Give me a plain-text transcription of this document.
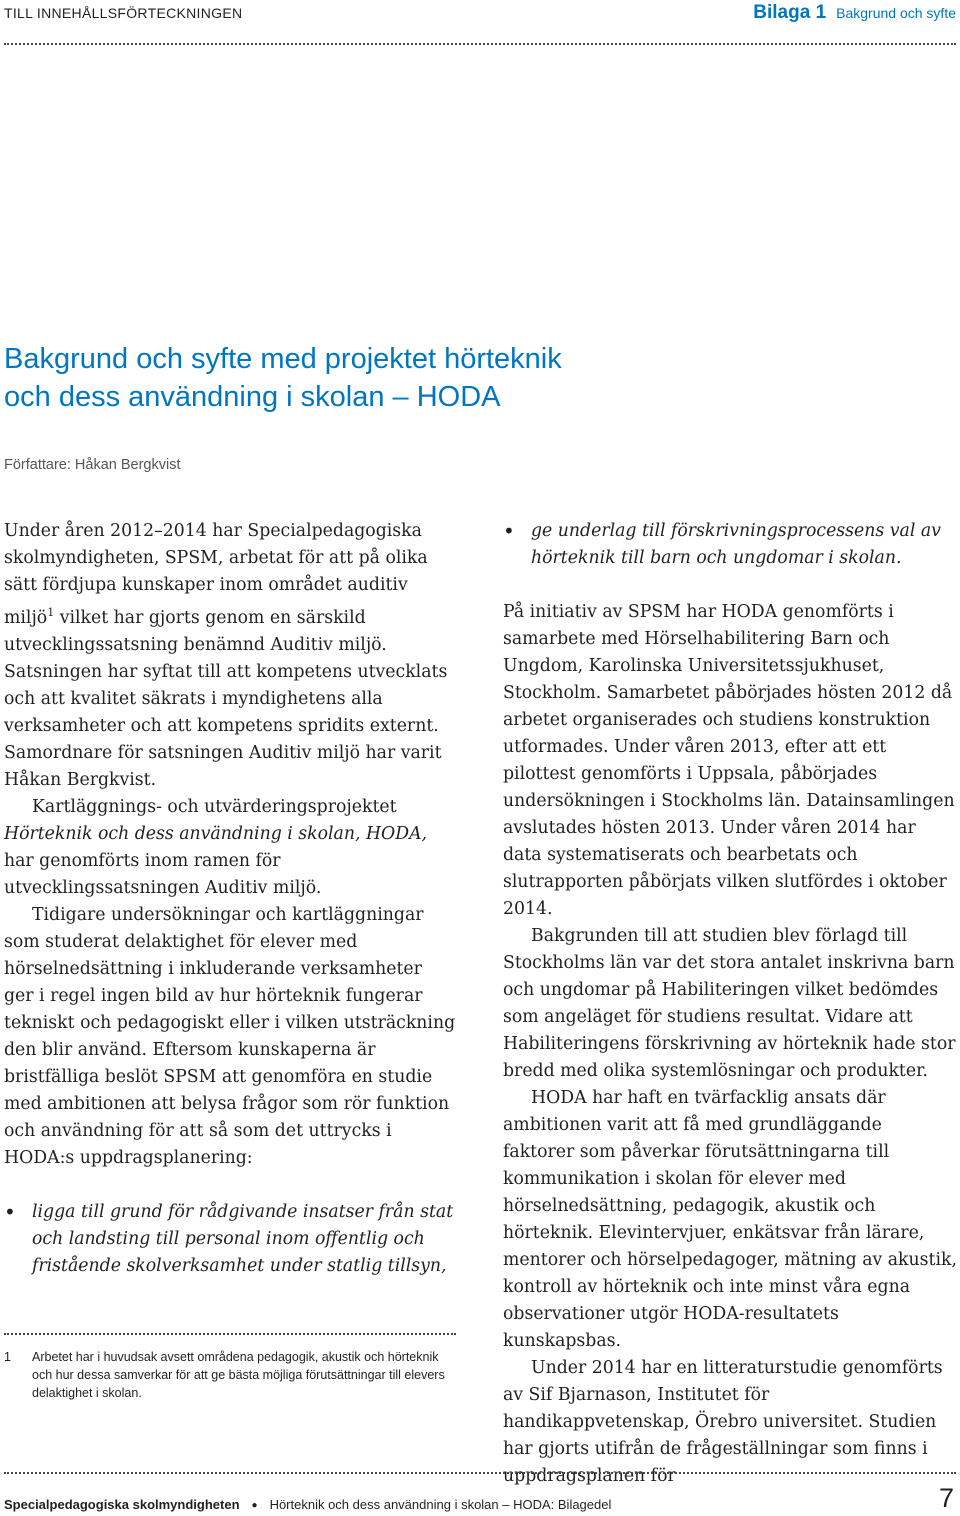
TILL INNEHÅLLSFÖRTECKNINGEN	Bilaga 1 Bakgrund och syfte
Bakgrund och syfte med projektet hörteknik
och dess användning i skolan – HODA
Författare: Håkan Bergkvist

Under åren 2012–2014 har Specialpedagogiska skolmyndigheten, SPSM, arbetat för att på olika sätt fördjupa kunskaper inom området auditiv miljö$^1$ vilket har gjorts genom en särskild utvecklingssatsning benämnd Auditiv miljö. Satsningen har syftat till att kompetens utvecklats och att kvalitet säkrats i myndighetens alla verksamheter och att kompetens spridits externt. Samordnare för satsningen Auditiv miljö har varit Håkan Bergkvist.

Kartläggnings- och utvärderingsprojektet Hörteknik och dess användning i skolan, HODA, har genomförts inom ramen för utvecklingssatsningen Auditiv miljö.

Tidigare undersökningar och kartläggningar som studerat delaktighet för elever med hörselnedsättning i inkluderande verksamheter ger i regel ingen bild av hur hörteknik fungerar tekniskt och pedagogiskt eller i vilken utsträckning den blir använd. Eftersom kunskaperna är bristfälliga beslöt SPSM att genomföra en studie med ambitionen att belysa frågor som rör funktion och användning för att så som det uttrycks i HODA:s uppdragsplanering:

• ligga till grund för rådgivande insatser från stat och landsting till personal inom offentlig och fristående skolverksamhet under statlig tillsyn,

• ge underlag till förskrivningsprocessens val av hörteknik till barn och ungdomar i skolan.

På initiativ av SPSM har HODA genomförts i samarbete med Hörselhabilitering Barn och Ungdom, Karolinska Universitetssjukhuset, Stockholm. Samarbetet påbörjades hösten 2012 då arbetet organiserades och studiens konstruktion utformades. Under våren 2013, efter att ett pilottest genomförts i Uppsala, påbörjades undersökningen i Stockholms län. Datainsamlingen avslutades hösten 2013. Under våren 2014 har data systematiserats och bearbetats och slutrapporten påbörjats vilken slutfördes i oktober 2014.

Bakgrunden till att studien blev förlagd till Stockholms län var det stora antalet inskrivna barn och ungdomar på Habiliteringen vilket bedömdes som angeläget för studiens resultat. Vidare att Habiliteringens förskrivning av hörteknik hade stor bredd med olika systemlösningar och produkter.

HODA har haft en tvärfacklig ansats där ambitionen varit att få med grundläggande faktorer som påverkar förutsättningarna till kommunikation i skolan för elever med hörselnedsättning, pedagogik, akustik och hörteknik. Elevintervjuer, enkätsvar från lärare, mentorer och hörselpedagoger, mätning av akustik, kontroll av hörteknik och inte minst våra egna observationer utgör HODA-resultatets kunskapsbas.

Under 2014 har en litteraturstudie genomförts av Sif Bjarnason, Institutet för handikappvetenskap, Örebro universitet. Studien har gjorts utifrån de frågeställningar som finns i uppdragsplanen för

1 Arbetet har i huvudsak avsett områdena pedagogik, akustik och hörteknik och hur dessa samverkar för att ge bästa möjliga förutsättningar till elevers delaktighet i skolan.
Specialpedagogiska skolmyndigheten ● Hörteknik och dess användning i skolan – HODA: Bilagedel	7
